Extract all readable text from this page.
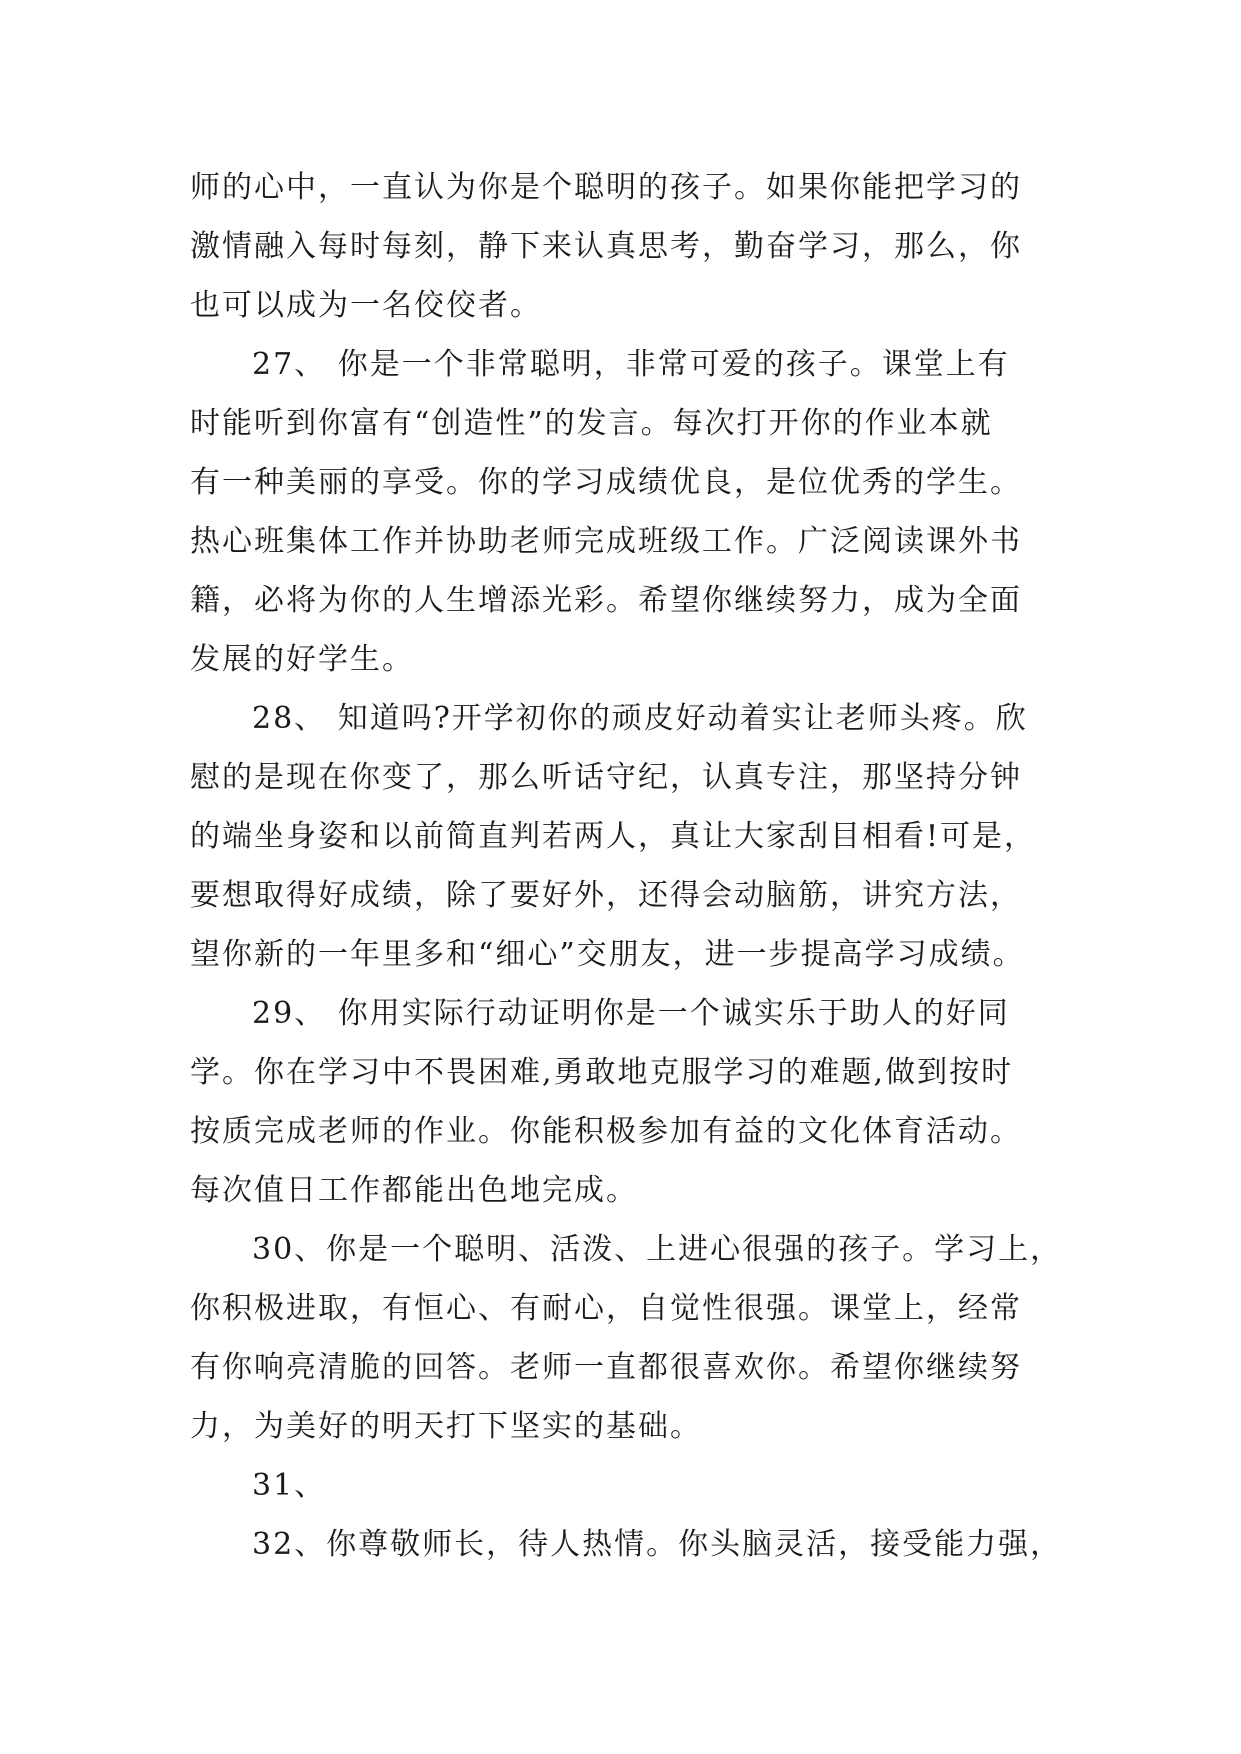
师的心中，一直认为你是个聪明的孩子。如果你能把学习的
激情融入每时每刻，静下来认真思考，勤奋学习，那么，你
也可以成为一名佼佼者。
27、 你是一个非常聪明，非常可爱的孩子。课堂上有
时能听到你富有“创造性”的发言。每次打开你的作业本就
有一种美丽的享受。你的学习成绩优良，是位优秀的学生。
热心班集体工作并协助老师完成班级工作。广泛阅读课外书
籍，必将为你的人生增添光彩。希望你继续努力，成为全面
发展的好学生。
28、 知道吗?开学初你的顽皮好动着实让老师头疼。欣
慰的是现在你变了，那么听话守纪，认真专注，那坚持分钟
的端坐身姿和以前简直判若两人，真让大家刮目相看!可是，
要想取得好成绩，除了要好外，还得会动脑筋，讲究方法，
望你新的一年里多和“细心”交朋友，进一步提高学习成绩。
29、 你用实际行动证明你是一个诚实乐于助人的好同
学。你在学习中不畏困难,勇敢地克服学习的难题,做到按时
按质完成老师的作业。你能积极参加有益的文化体育活动。
每次值日工作都能出色地完成。
30、你是一个聪明、活泼、上进心很强的孩子。学习上，
你积极进取，有恒心、有耐心，自觉性很强。课堂上，经常
有你响亮清脆的回答。老师一直都很喜欢你。希望你继续努
力，为美好的明天打下坚实的基础。
31、
32、你尊敬师长，待人热情。你头脑灵活，接受能力强，
